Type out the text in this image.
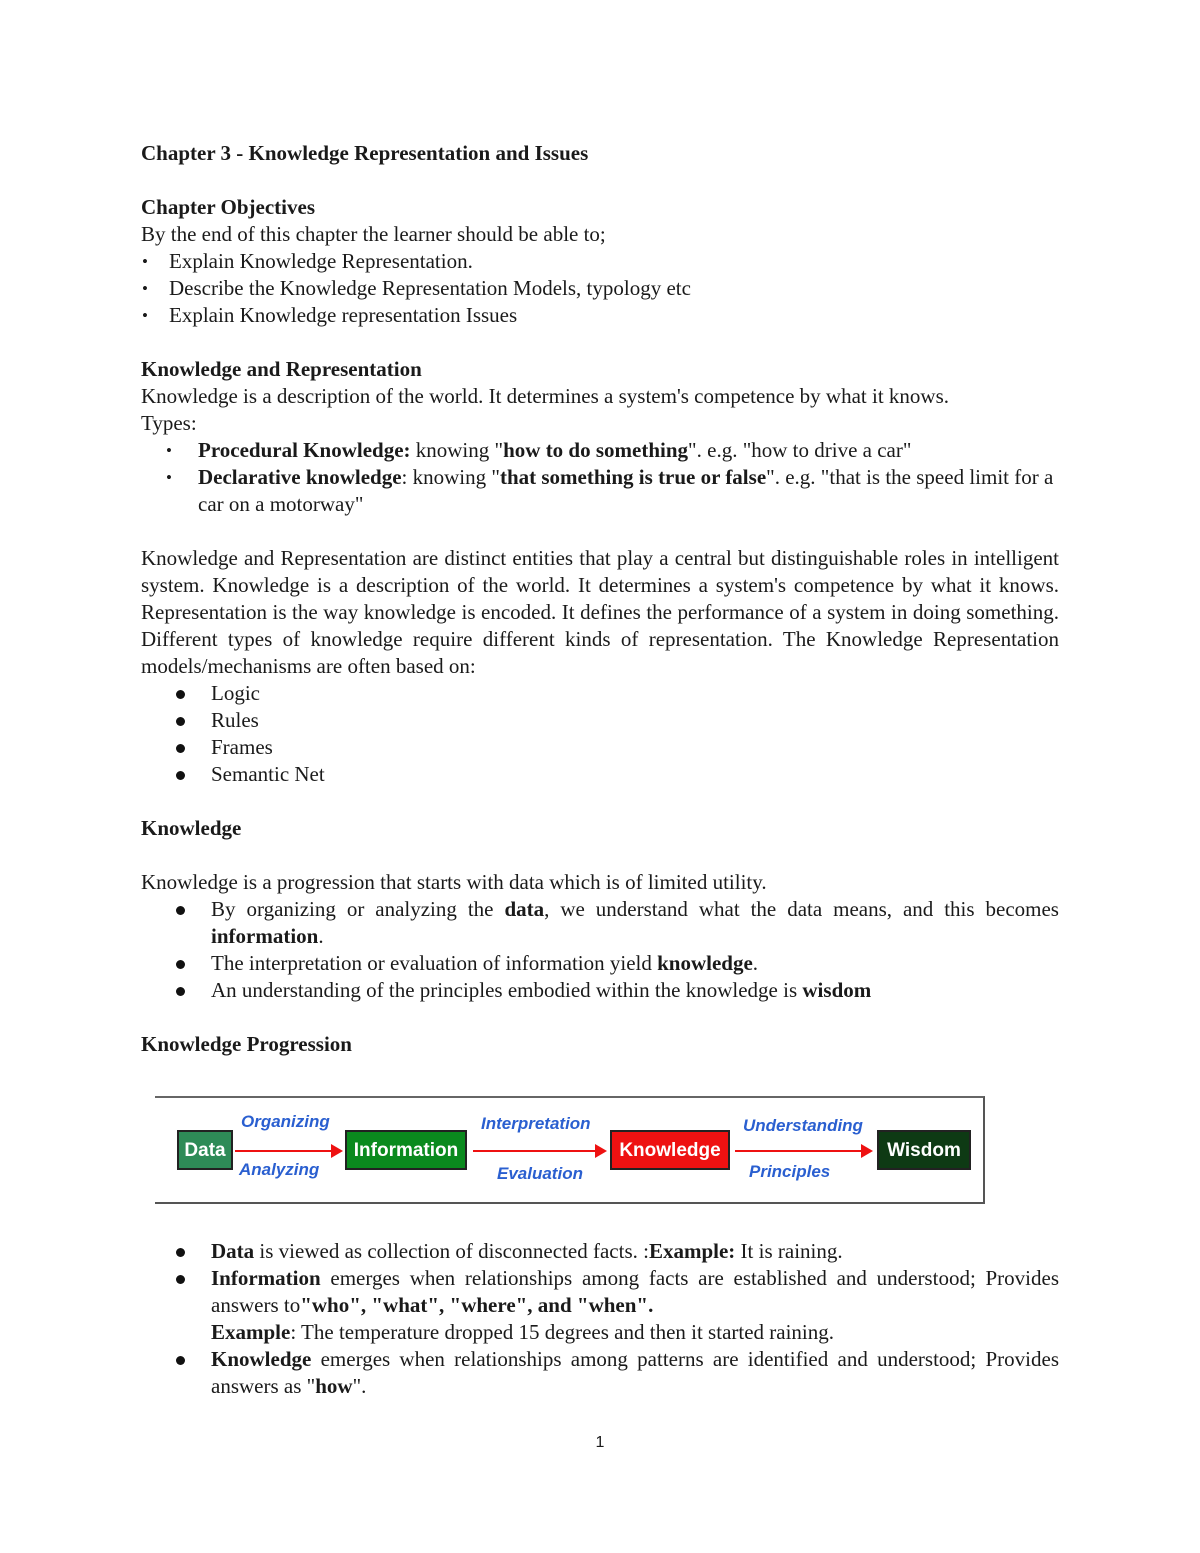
Chapter 3 - Knowledge Representation and Issues
Chapter Objectives

By the end of this chapter the learner should be able to;

• Explain Knowledge Representation.
• Describe the Knowledge Representation Models, typology etc
• Explain Knowledge representation Issues
Knowledge and Representation

Knowledge is a description of the world. It determines a system's competence by what it knows.

Types:

• Procedural Knowledge: knowing "how to do something". e.g. "how to drive a car"
• Declarative knowledge: knowing "that something is true or false". e.g. "that is the speed limit for a car on a motorway"

Knowledge and Representation are distinct entities that play a central but distinguishable roles in intelligent system. Knowledge is a description of the world. It determines a system's competence by what it knows. Representation is the way knowledge is encoded. It defines the performance of a system in doing something. Different types of knowledge require different kinds of representation. The Knowledge Representation models/mechanisms are often based on:

Logic
Rules
Frames
Semantic Net
Knowledge

Knowledge is a progression that starts with data which is of limited utility.

By organizing or analyzing the data, we understand what the data means, and this becomes information.
The interpretation or evaluation of information yield knowledge.
An understanding of the principles embodied within the knowledge is wisdom
Knowledge Progression
Data
Organizing
Analyzing
Information
Interpretation
Evaluation
Knowledge
Understanding
Principles
Wisdom
Data is viewed as collection of disconnected facts. :Example: It is raining.
Information emerges when relationships among facts are established and understood; Provides answers to"who", "what", "where", and "when".
Example: The temperature dropped 15 degrees and then it started raining.
Knowledge emerges when relationships among patterns are identified and understood; Provides answers as "how".
1
